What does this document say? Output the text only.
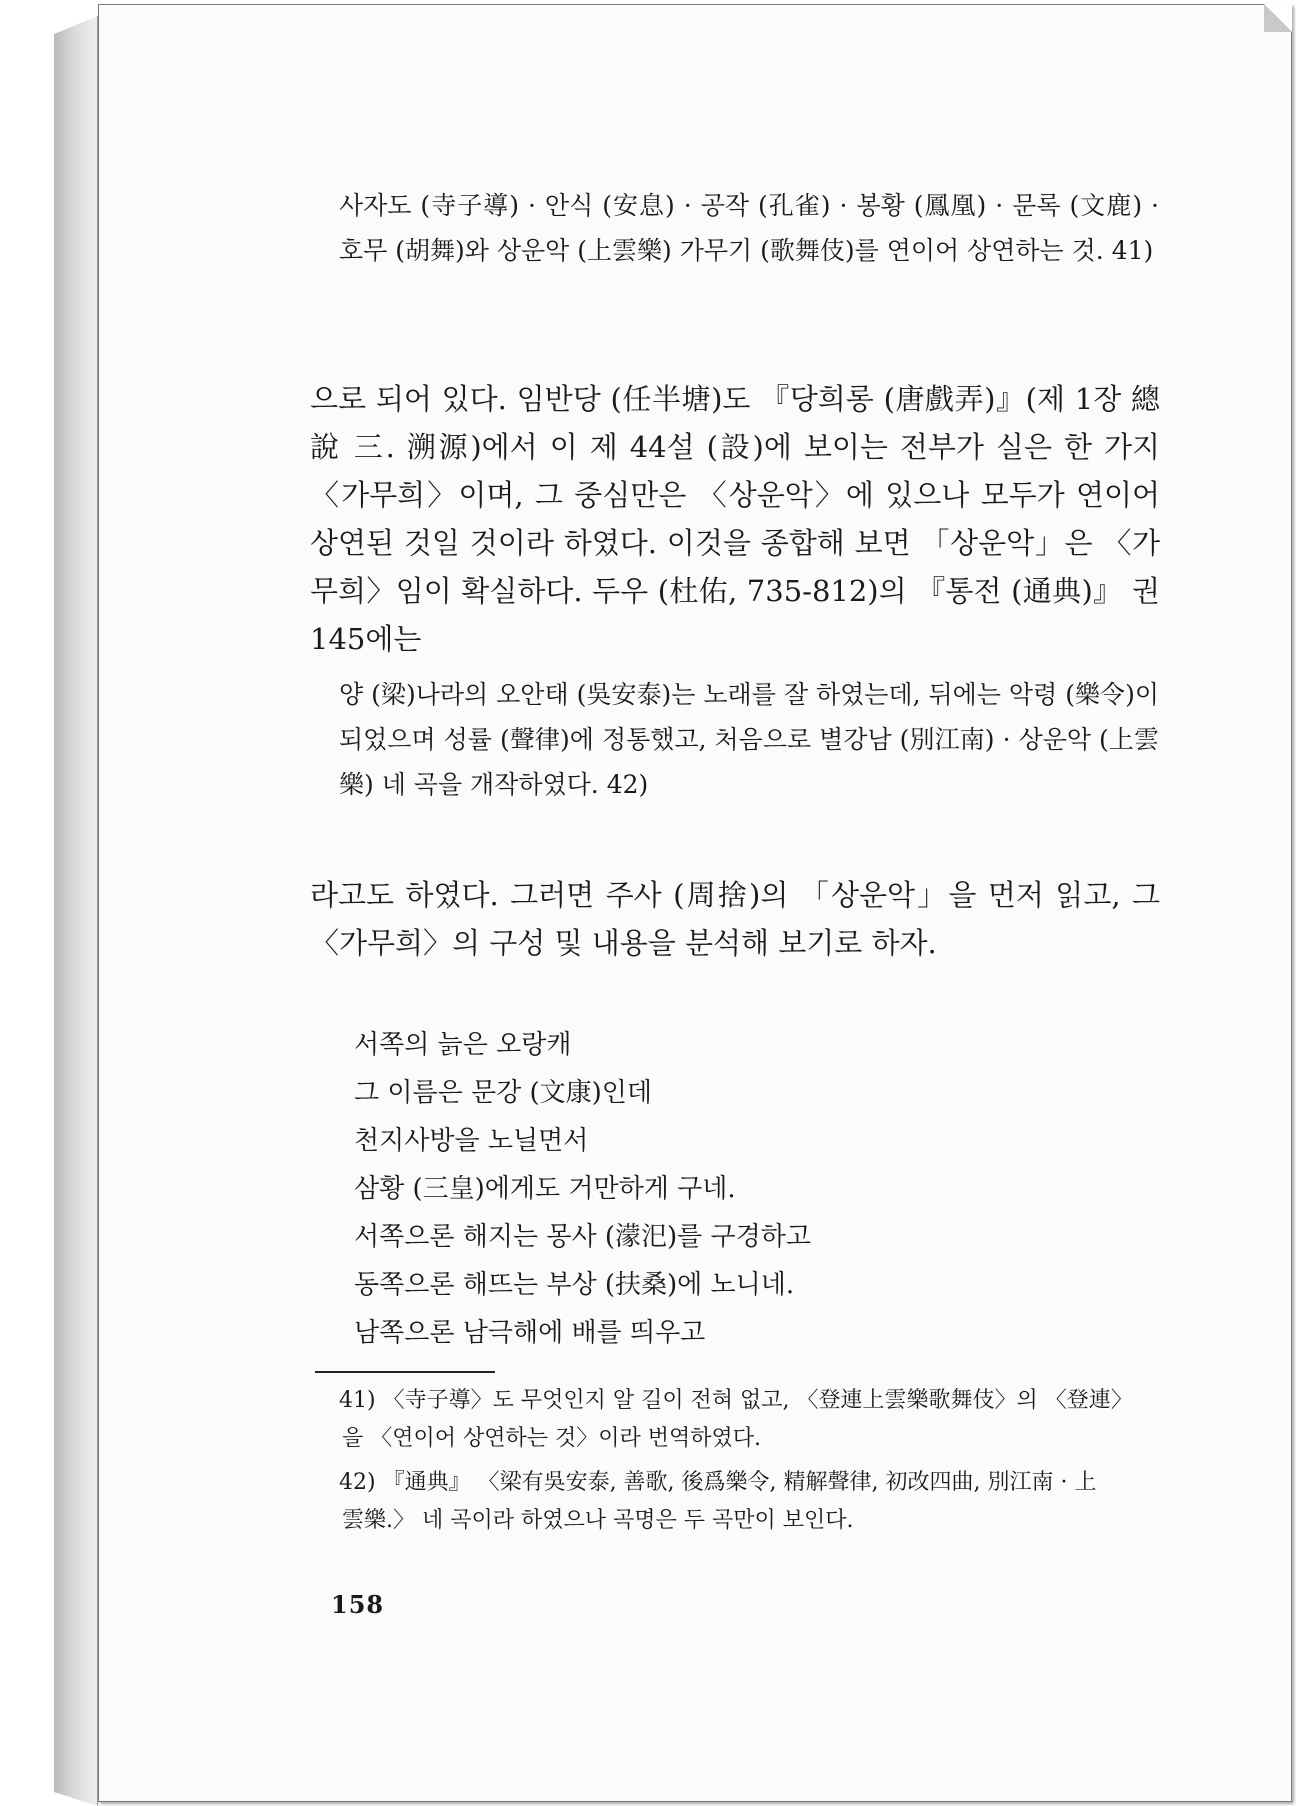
사자도 (寺子導) · 안식 (安息) · 공작 (孔雀) · 봉황 (鳳凰) · 문록 (文鹿) · 호무 (胡舞)와 상운악 (上雲樂) 가무기 (歌舞伎)를 연이어 상연하는 것. 41)

으로 되어 있다. 임반당 (任半塘)도 『당희롱 (唐戲弄)』(제 1장 總說 三. 溯源)에서 이 제 44설 (設)에 보이는 전부가 실은 한 가지 〈가무희〉이며, 그 중심만은 〈상운악〉에 있으나 모두가 연이어 상연된 것일 것이라 하였다. 이것을 종합해 보면 「상운악」은 〈가무희〉임이 확실하다. 두우 (杜佑, 735-812)의 『통전 (通典)』 권 145에는

양 (梁)나라의 오안태 (吳安泰)는 노래를 잘 하였는데, 뒤에는 악령 (樂令)이 되었으며 성률 (聲律)에 정통했고, 처음으로 별강남 (別江南) · 상운악 (上雲樂) 네 곡을 개작하였다. 42)

라고도 하였다. 그러면 주사 (周捨)의 「상운악」을 먼저 읽고, 그 〈가무희〉의 구성 및 내용을 분석해 보기로 하자.

서쪽의 늙은 오랑캐
그 이름은 문강 (文康)인데
천지사방을 노닐면서
삼황 (三皇)에게도 거만하게 구네.
서쪽으론 해지는 몽사 (濛汜)를 구경하고
동쪽으론 해뜨는 부상 (扶桑)에 노니네.
남쪽으론 남극해에 배를 띄우고
41) 〈寺子導〉도 무엇인지 알 길이 전혀 없고, 〈登連上雲樂歌舞伎〉의 〈登連〉
을 〈연이어 상연하는 것〉이라 번역하였다.
42) 『通典』 〈梁有吳安泰, 善歌, 後爲樂令, 精解聲律, 初改四曲, 別江南 · 上
雲樂.〉 네 곡이라 하였으나 곡명은 두 곡만이 보인다.

158
